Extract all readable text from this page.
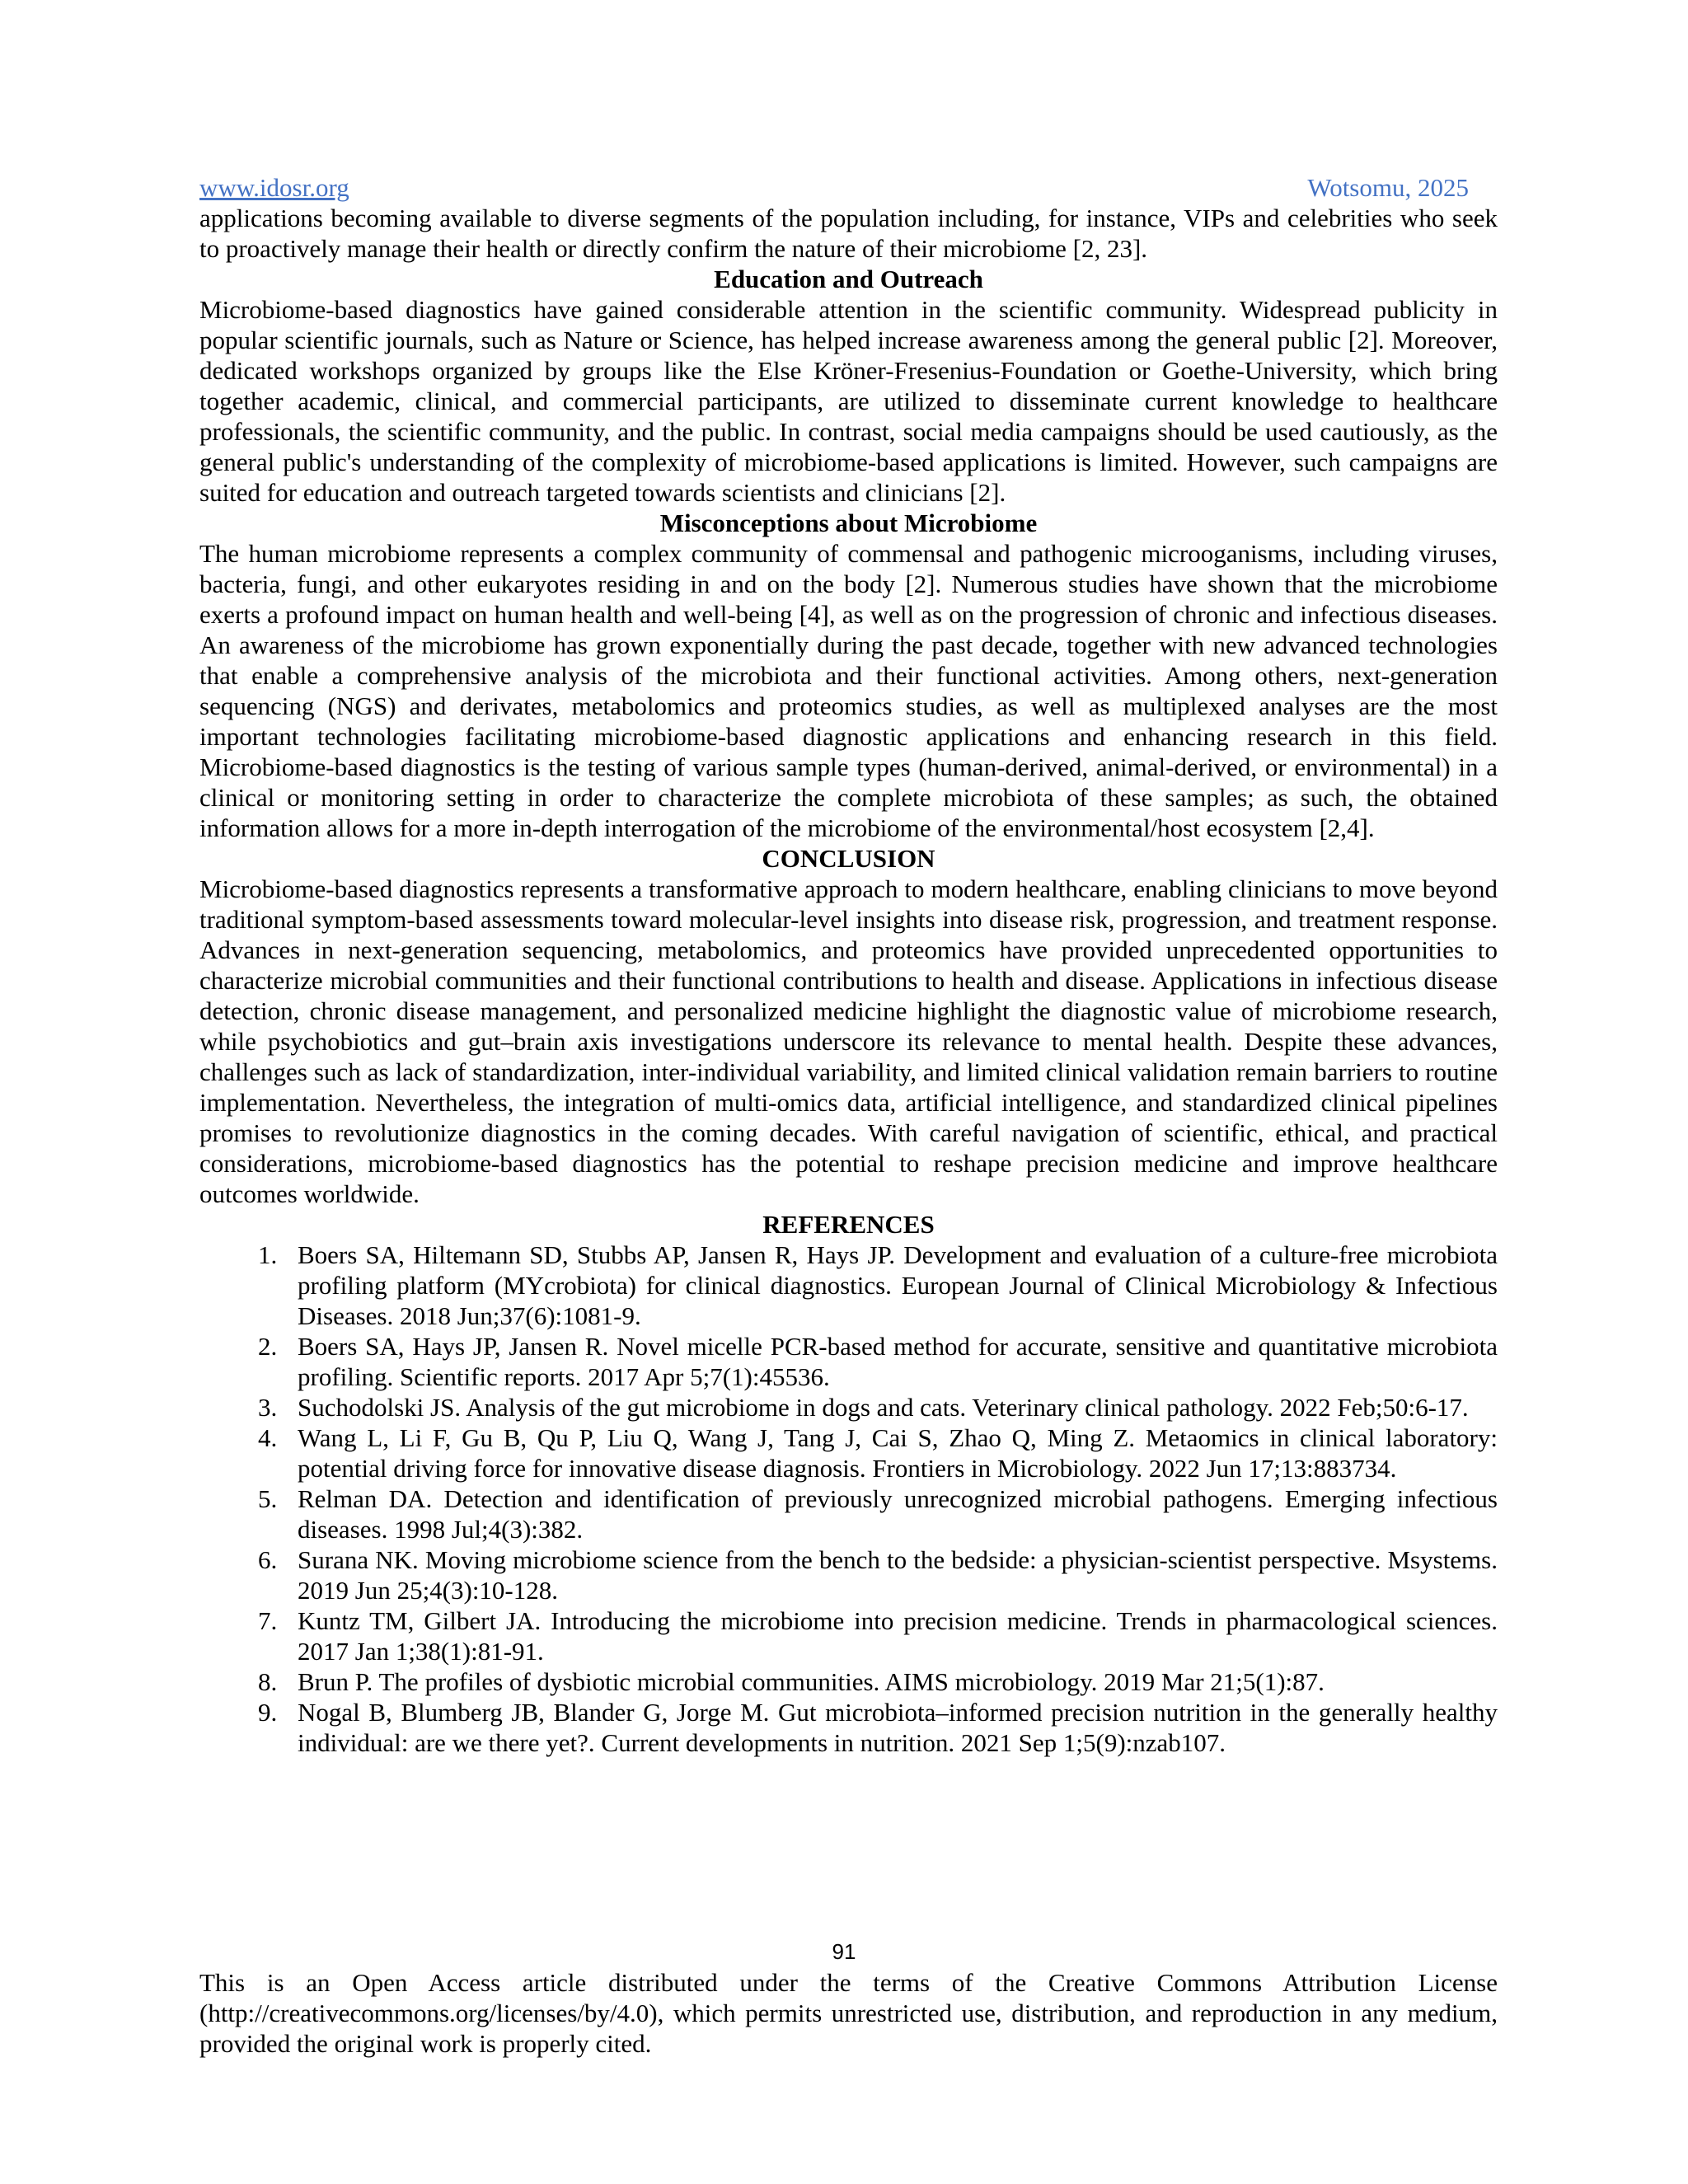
www.idosr.org	Wotsomu, 2025

applications becoming available to diverse segments of the population including, for instance, VIPs and celebrities who seek to proactively manage their health or directly confirm the nature of their microbiome [2, 23].

Education and Outreach

Microbiome-based diagnostics have gained considerable attention in the scientific community. Widespread publicity in popular scientific journals, such as Nature or Science, has helped increase awareness among the general public [2]. Moreover, dedicated workshops organized by groups like the Else Kröner-Fresenius-Foundation or Goethe-University, which bring together academic, clinical, and commercial participants, are utilized to disseminate current knowledge to healthcare professionals, the scientific community, and the public. In contrast, social media campaigns should be used cautiously, as the general public's understanding of the complexity of microbiome-based applications is limited. However, such campaigns are suited for education and outreach targeted towards scientists and clinicians [2].

Misconceptions about Microbiome

The human microbiome represents a complex community of commensal and pathogenic microoganisms, including viruses, bacteria, fungi, and other eukaryotes residing in and on the body [2]. Numerous studies have shown that the microbiome exerts a profound impact on human health and well-being [4], as well as on the progression of chronic and infectious diseases. An awareness of the microbiome has grown exponentially during the past decade, together with new advanced technologies that enable a comprehensive analysis of the microbiota and their functional activities. Among others, next-generation sequencing (NGS) and derivates, metabolomics and proteomics studies, as well as multiplexed analyses are the most important technologies facilitating microbiome-based diagnostic applications and enhancing research in this field. Microbiome-based diagnostics is the testing of various sample types (human-derived, animal-derived, or environmental) in a clinical or monitoring setting in order to characterize the complete microbiota of these samples; as such, the obtained information allows for a more in-depth interrogation of the microbiome of the environmental/host ecosystem [2,4].

CONCLUSION

Microbiome-based diagnostics represents a transformative approach to modern healthcare, enabling clinicians to move beyond traditional symptom-based assessments toward molecular-level insights into disease risk, progression, and treatment response. Advances in next-generation sequencing, metabolomics, and proteomics have provided unprecedented opportunities to characterize microbial communities and their functional contributions to health and disease. Applications in infectious disease detection, chronic disease management, and personalized medicine highlight the diagnostic value of microbiome research, while psychobiotics and gut–brain axis investigations underscore its relevance to mental health. Despite these advances, challenges such as lack of standardization, inter-individual variability, and limited clinical validation remain barriers to routine implementation. Nevertheless, the integration of multi-omics data, artificial intelligence, and standardized clinical pipelines promises to revolutionize diagnostics in the coming decades. With careful navigation of scientific, ethical, and practical considerations, microbiome-based diagnostics has the potential to reshape precision medicine and improve healthcare outcomes worldwide.

REFERENCES
1. Boers SA, Hiltemann SD, Stubbs AP, Jansen R, Hays JP. Development and evaluation of a culture-free microbiota profiling platform (MYcrobiota) for clinical diagnostics. European Journal of Clinical Microbiology & Infectious Diseases. 2018 Jun;37(6):1081-9.
2. Boers SA, Hays JP, Jansen R. Novel micelle PCR-based method for accurate, sensitive and quantitative microbiota profiling. Scientific reports. 2017 Apr 5;7(1):45536.
3. Suchodolski JS. Analysis of the gut microbiome in dogs and cats. Veterinary clinical pathology. 2022 Feb;50:6-17.
4. Wang L, Li F, Gu B, Qu P, Liu Q, Wang J, Tang J, Cai S, Zhao Q, Ming Z. Metaomics in clinical laboratory: potential driving force for innovative disease diagnosis. Frontiers in Microbiology. 2022 Jun 17;13:883734.
5. Relman DA. Detection and identification of previously unrecognized microbial pathogens. Emerging infectious diseases. 1998 Jul;4(3):382.
6. Surana NK. Moving microbiome science from the bench to the bedside: a physician-scientist perspective. Msystems. 2019 Jun 25;4(3):10-128.
7. Kuntz TM, Gilbert JA. Introducing the microbiome into precision medicine. Trends in pharmacological sciences. 2017 Jan 1;38(1):81-91.
8. Brun P. The profiles of dysbiotic microbial communities. AIMS microbiology. 2019 Mar 21;5(1):87.
9. Nogal B, Blumberg JB, Blander G, Jorge M. Gut microbiota–informed precision nutrition in the generally healthy individual: are we there yet?. Current developments in nutrition. 2021 Sep 1;5(9):nzab107.
91
This is an Open Access article distributed under the terms of the Creative Commons Attribution License (http://creativecommons.org/licenses/by/4.0), which permits unrestricted use, distribution, and reproduction in any medium, provided the original work is properly cited.
